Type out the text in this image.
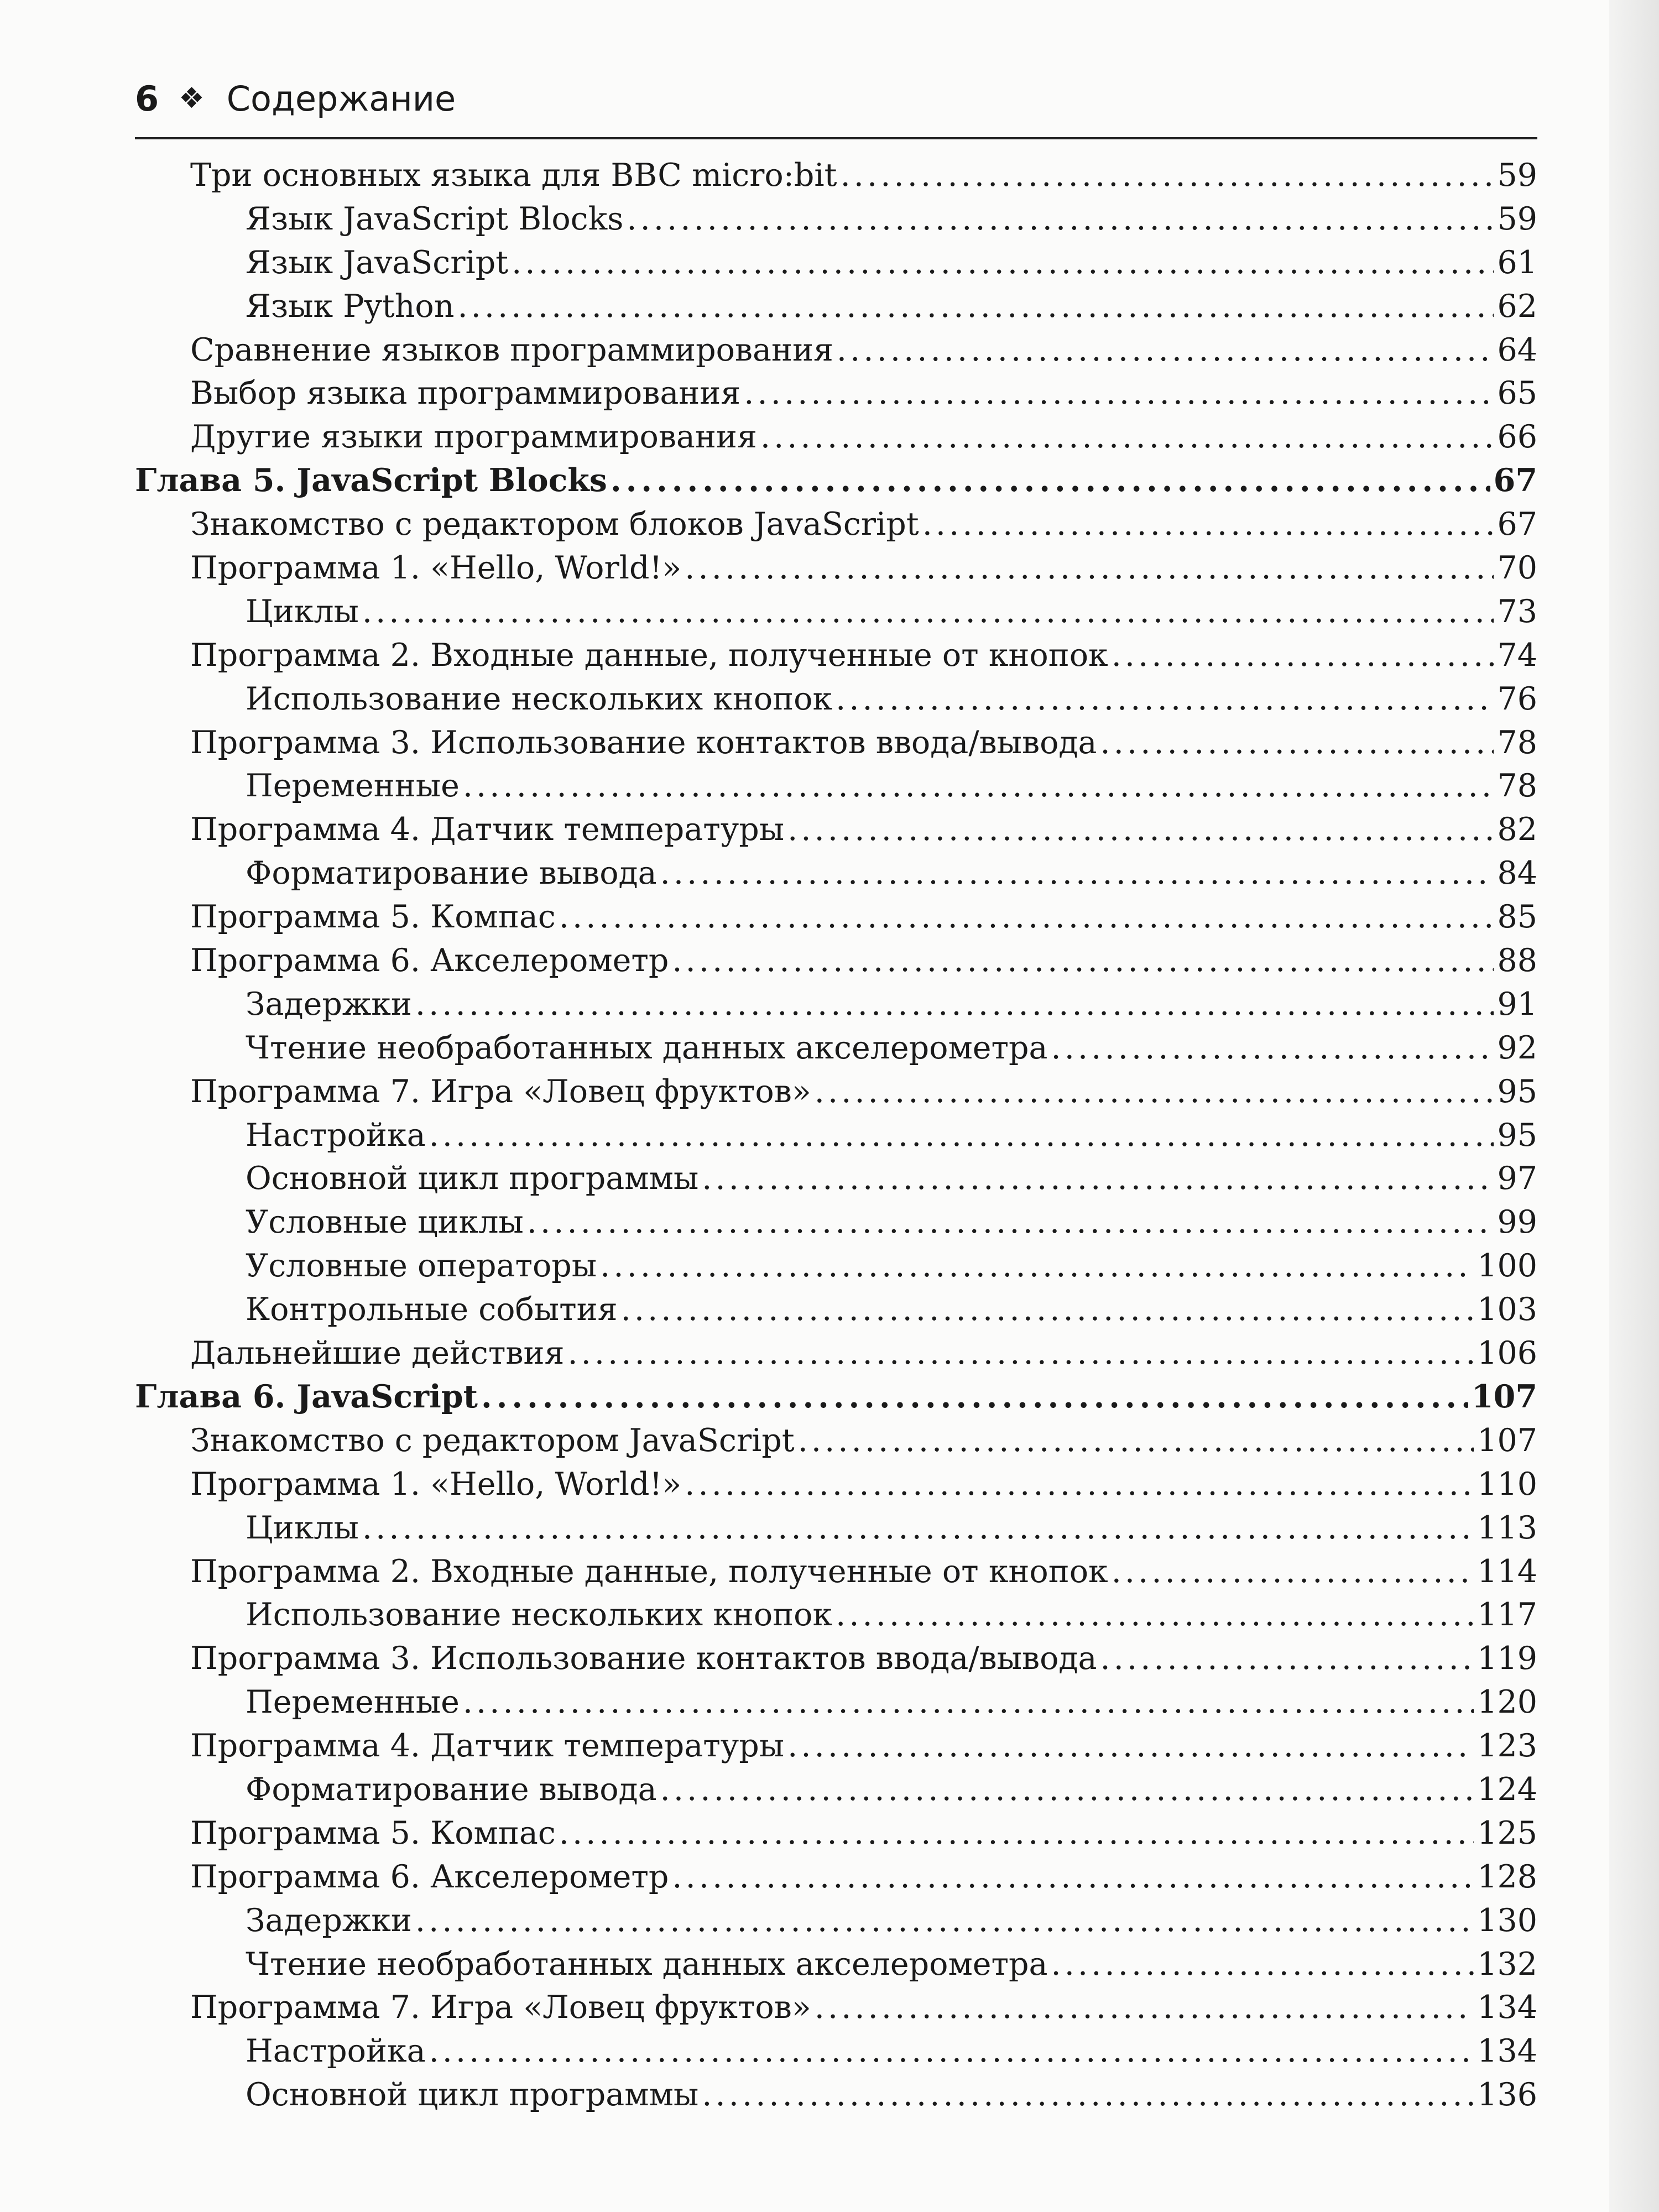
6 ❖ Содержание
Три основных языка для BBC micro:bit . . .	59
Язык JavaScript Blocks . . .	59
Язык JavaScript . . .	61
Язык Python . . .	62
Сравнение языков программирования . . .	64
Выбор языка программирования . . .	65
Другие языки программирования . . .	66
Глава 5. JavaScript Blocks . . .	67
Знакомство с редактором блоков JavaScript . . .	67
Программа 1. «Hello, World!» . . .	70
Циклы . . .	73
Программа 2. Входные данные, полученные от кнопок . . .	74
Использование нескольких кнопок . . .	76
Программа 3. Использование контактов ввода/вывода . . .	78
Переменные . . .	78
Программа 4. Датчик температуры . . .	82
Форматирование вывода . . .	84
Программа 5. Компас . . .	85
Программа 6. Акселерометр . . .	88
Задержки . . .	91
Чтение необработанных данных акселерометра . . .	92
Программа 7. Игра «Ловец фруктов» . . .	95
Настройка . . .	95
Основной цикл программы . . .	97
Условные циклы . . .	99
Условные операторы . . .	100
Контрольные события . . .	103
Дальнейшие действия . . .	106
Глава 6. JavaScript . . .	107
Знакомство с редактором JavaScript . . .	107
Программа 1. «Hello, World!» . . .	110
Циклы . . .	113
Программа 2. Входные данные, полученные от кнопок . . .	114
Использование нескольких кнопок . . .	117
Программа 3. Использование контактов ввода/вывода . . .	119
Переменные . . .	120
Программа 4. Датчик температуры . . .	123
Форматирование вывода . . .	124
Программа 5. Компас . . .	125
Программа 6. Акселерометр . . .	128
Задержки . . .	130
Чтение необработанных данных акселерометра . . .	132
Программа 7. Игра «Ловец фруктов» . . .	134
Настройка . . .	134
Основной цикл программы . . .	136
